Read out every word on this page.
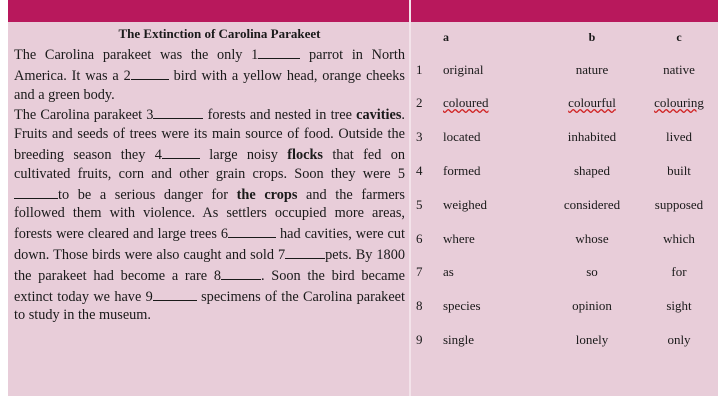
The Extinction of Carolina Parakeet

The Carolina parakeet was the only 1	parrot in North America. It was a 2	bird with a yellow head, orange cheeks and a green body.

The Carolina parakeet 3	forests and nested in tree cavities. Fruits and seeds of trees were its main source of food. Outside the breeding season they 4	large noisy flocks that fed on cultivated fruits, corn and other grain crops. Soon they were 5to be a serious danger for the crops and the farmers followed them with violence. As settlers occupied more areas, forests were cleared and large trees 6	had cavities, were cut down. Those birds were also caught and sold 7	pets. By 1800 the parakeet had become a rare 8	. Soon the bird became extinct today we have 9	specimens of the Carolina parakeet to study in the museum.

a	b	c
1 original	nature	native
2 coloured	colourful	colouring
3 located	inhabited	lived
4 formed	shaped	built
5 weighed	considered	supposed
6 where	whose	which
7 as	so	for
8 species	opinion	sight
9 single	lonely	only
